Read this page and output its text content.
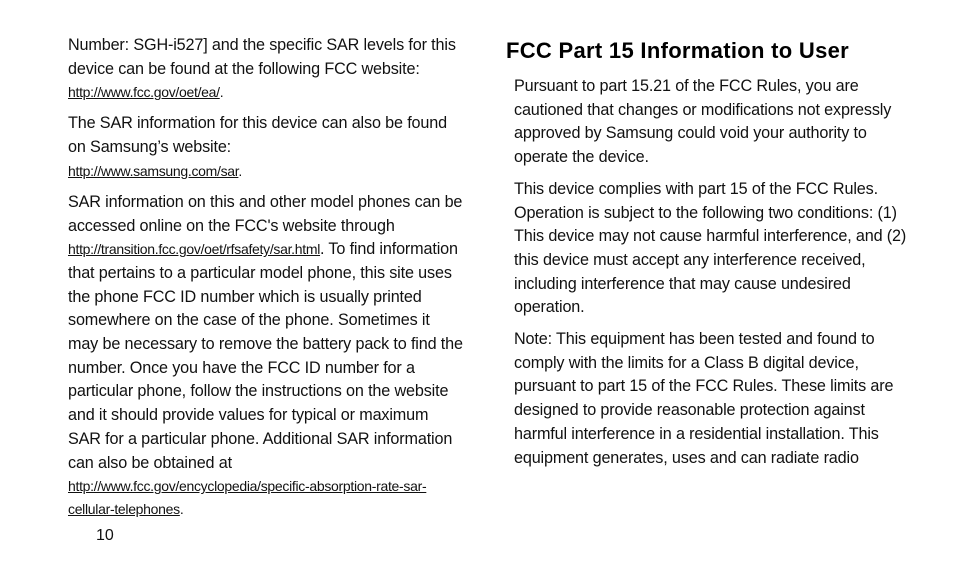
Number: SGH-i527] and the specific SAR levels for this device can be found at the following FCC website:
http://www.fcc.gov/oet/ea/.

The SAR information for this device can also be found on Samsung’s website:
http://www.samsung.com/sar.

SAR information on this and other model phones can be accessed online on the FCC's website through http://transition.fcc.gov/oet/rfsafety/sar.html. To find information that pertains to a particular model phone, this site uses the phone FCC ID number which is usually printed somewhere on the case of the phone. Sometimes it may be necessary to remove the battery pack to find the number. Once you have the FCC ID number for a particular phone, follow the instructions on the website and it should provide values for typical or maximum SAR for a particular phone. Additional SAR information can also be obtained at
http://www.fcc.gov/encyclopedia/specific-absorption-rate-sar-cellular-telephones.

FCC Part 15 Information to User

Pursuant to part 15.21 of the FCC Rules, you are cautioned that changes or modifications not expressly approved by Samsung could void your authority to operate the device.

This device complies with part 15 of the FCC Rules. Operation is subject to the following two conditions: (1) This device may not cause harmful interference, and (2) this device must accept any interference received, including interference that may cause undesired operation.

Note: This equipment has been tested and found to comply with the limits for a Class B digital device, pursuant to part 15 of the FCC Rules. These limits are designed to provide reasonable protection against harmful interference in a residential installation. This equipment generates, uses and can radiate radio

10
